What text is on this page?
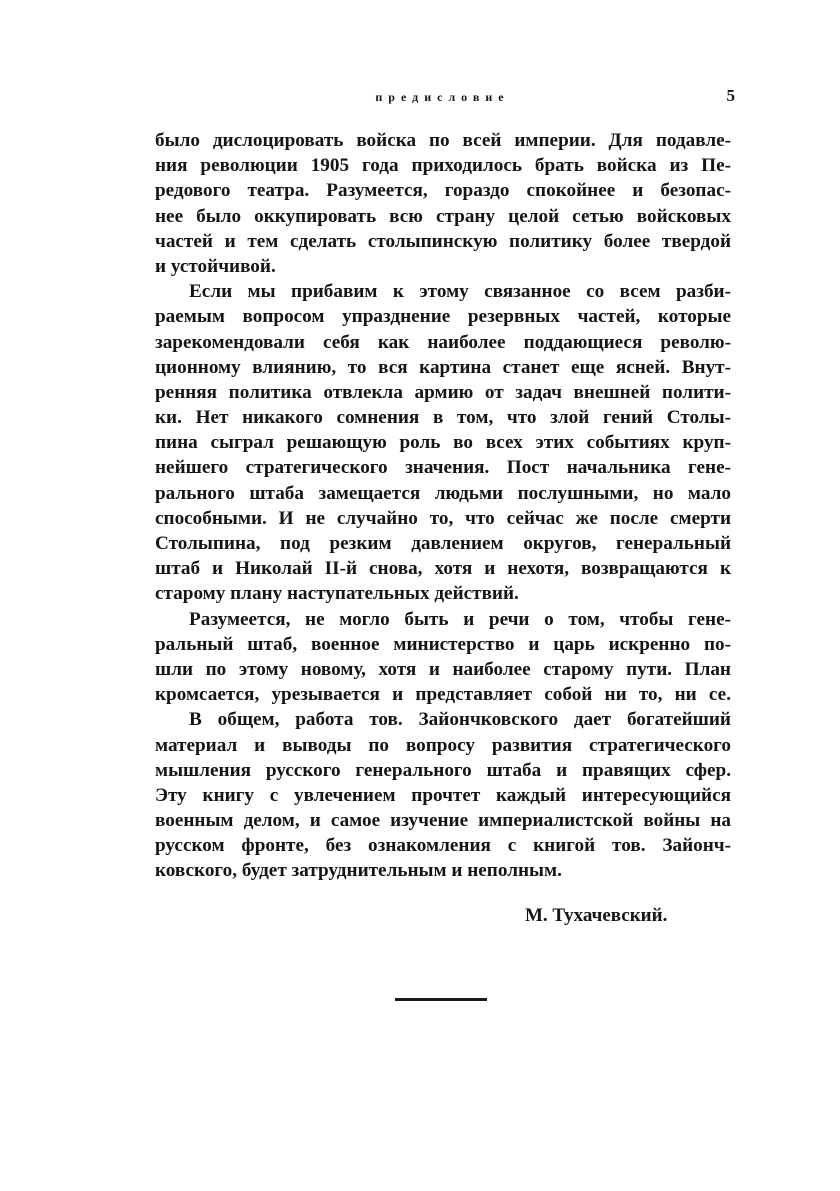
предисловие	5
было дислоцировать войска по всей империи. Для подавле-
ния революции 1905 года приходилось брать войска из Пе-
редового театра. Разумеется, гораздо спокойнее и безопас-
нее было оккупировать всю страну целой сетью войсковых
частей и тем сделать столыпинскую политику более твердой
и устойчивой.
Если мы прибавим к этому связанное со всем разби-
раемым вопросом упразднение резервных частей, которые
зарекомендовали себя как наиболее поддающиеся револю-
ционному влиянию, то вся картина станет еще ясней. Внут-
ренняя политика отвлекла армию от задач внешней полити-
ки. Нет никакого сомнения в том, что злой гений Столы-
пина сыграл решающую роль во всех этих событиях круп-
нейшего стратегического значения. Пост начальника гене-
рального штаба замещается людьми послушными, но мало
способными. И не случайно то, что сейчас же после смерти
Столыпина, под резким давлением округов, генеральный
штаб и Николай II-й снова, хотя и нехотя, возвращаются к
старому плану наступательных действий.
Разумеется, не могло быть и речи о том, чтобы гене-
ральный штаб, военное министерство и царь искренно по-
шли по этому новому, хотя и наиболее старому пути. План
кромсается, урезывается и представляет собой ни то, ни се.
В общем, работа тов. Зайончковского дает богатейший
материал и выводы по вопросу развития стратегического
мышления русского генерального штаба и правящих сфер.
Эту книгу с увлечением прочтет каждый интересующийся
военным делом, и самое изучение империалистской войны на
русском фронте, без ознакомления с книгой тов. Зайонч-
ковского, будет затруднительным и неполным.
М. Тухачевский.
